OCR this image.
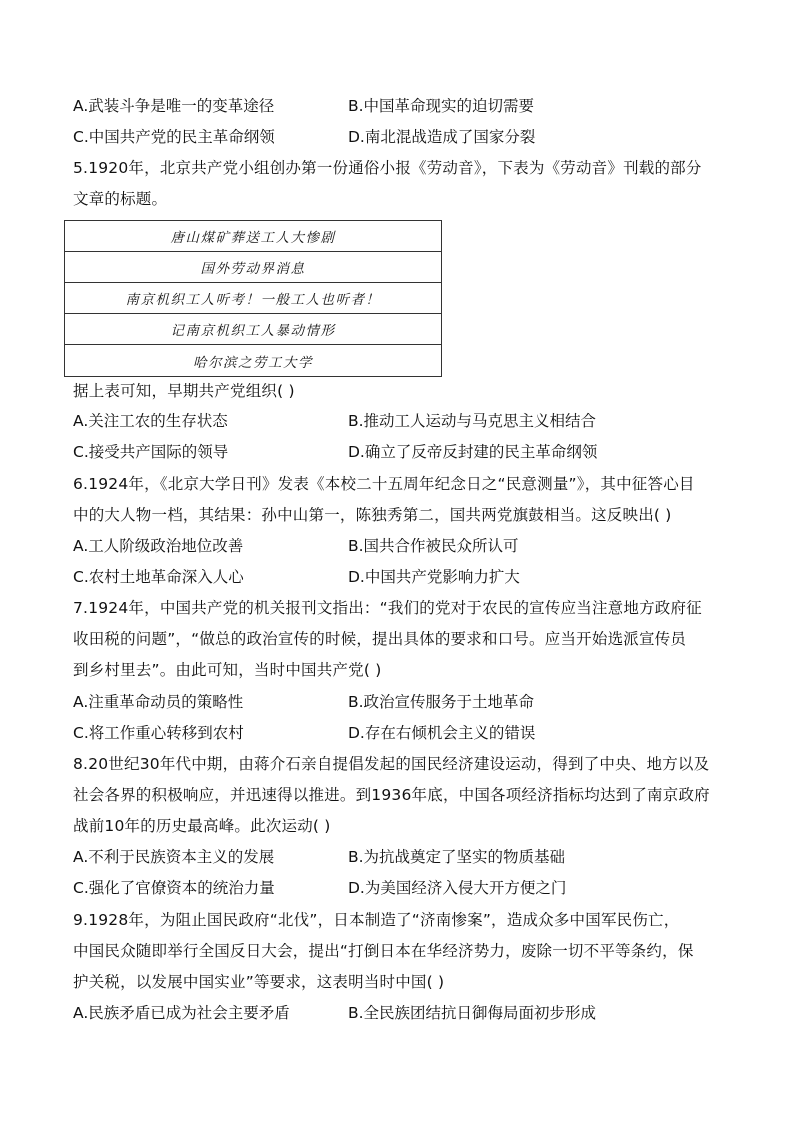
A.武装斗争是唯一的变革途径	B.中国革命现实的迫切需要
C.中国共产党的民主革命纲领	D.南北混战造成了国家分裂
5.1920年，北京共产党小组创办第一份通俗小报《劳动音》，下表为《劳动音》刊载的部分
文章的标题。
唐山煤矿葬送工人大惨剧
国外劳动界消息
南京机织工人听考！一般工人也听者！
记南京机织工人暴动情形
哈尔滨之劳工大学
据上表可知，早期共产党组织( )
A.关注工农的生存状态	B.推动工人运动与马克思主义相结合
C.接受共产国际的领导	D.确立了反帝反封建的民主革命纲领
6.1924年，《北京大学日刊》发表《本校二十五周年纪念日之“民意测量”》，其中征答心目
中的大人物一档，其结果：孙中山第一，陈独秀第二，国共两党旗鼓相当。这反映出( )
A.工人阶级政治地位改善	B.国共合作被民众所认可
C.农村土地革命深入人心	D.中国共产党影响力扩大
7.1924年，中国共产党的机关报刊文指出：“我们的党对于农民的宣传应当注意地方政府征
收田税的问题”，“做总的政治宣传的时候，提出具体的要求和口号。应当开始选派宣传员
到乡村里去”。由此可知，当时中国共产党( )
A.注重革命动员的策略性	B.政治宣传服务于土地革命
C.将工作重心转移到农村	D.存在右倾机会主义的错误
8.20世纪30年代中期，由蒋介石亲自提倡发起的国民经济建设运动，得到了中央、地方以及
社会各界的积极响应，并迅速得以推进。到1936年底，中国各项经济指标均达到了南京政府
战前10年的历史最高峰。此次运动( )
A.不利于民族资本主义的发展	B.为抗战奠定了坚实的物质基础
C.强化了官僚资本的统治力量	D.为美国经济入侵大开方便之门
9.1928年，为阻止国民政府“北伐”，日本制造了“济南惨案”，造成众多中国军民伤亡，
中国民众随即举行全国反日大会，提出“打倒日本在华经济势力，废除一切不平等条约，保
护关税，以发展中国实业”等要求，这表明当时中国( )
A.民族矛盾已成为社会主要矛盾	B.全民族团结抗日御侮局面初步形成
